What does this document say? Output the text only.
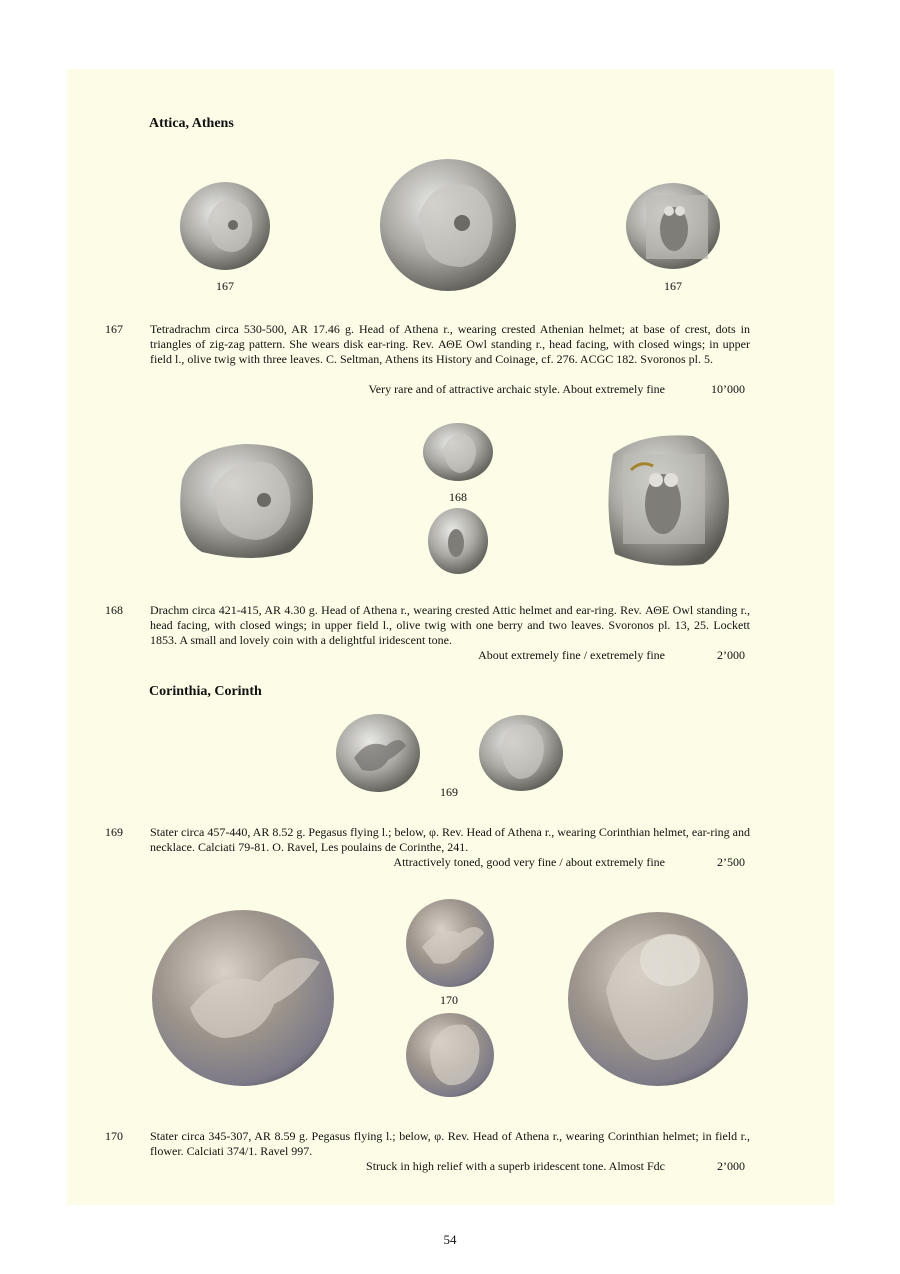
Attica, Athens
Corinthia, Corinth
167	167
167 Tetradrachm circa 530-500, AR 17.46 g. Head of Athena r., wearing crested Athenian helmet; at base of crest, dots in triangles of zig-zag pattern. She wears disk ear-ring. Rev. ΑΘΕ Owl standing r., head facing, with closed wings; in upper field l., olive twig with three leaves. C. Seltman, Athens its History and Coinage, cf. 276. ACGC 182. Svoronos pl. 5.
Very rare and of attractive archaic style. About extremely fine	10’000
168
168 Drachm circa 421-415, AR 4.30 g. Head of Athena r., wearing crested Attic helmet and ear-ring. Rev. ΑΘΕ Owl standing r., head facing, with closed wings; in upper field l., olive twig with one berry and two leaves. Svoronos pl. 13, 25. Lockett 1853. A small and lovely coin with a delightful iridescent tone.
About extremely fine / exetremely fine	2’000
169
169 Stater circa 457-440, AR 8.52 g. Pegasus flying l.; below, φ. Rev. Head of Athena r., wearing Corinthian helmet, ear-ring and necklace. Calciati 79-81. O. Ravel, Les poulains de Corinthe, 241.
Attractively toned, good very fine / about extremely fine	2’500
170
170 Stater circa 345-307, AR 8.59 g. Pegasus flying l.; below, φ. Rev. Head of Athena r., wearing Corinthian helmet; in field r., flower. Calciati 374/1. Ravel 997.
Struck in high relief with a superb iridescent tone. Almost Fdc	2’000
54
